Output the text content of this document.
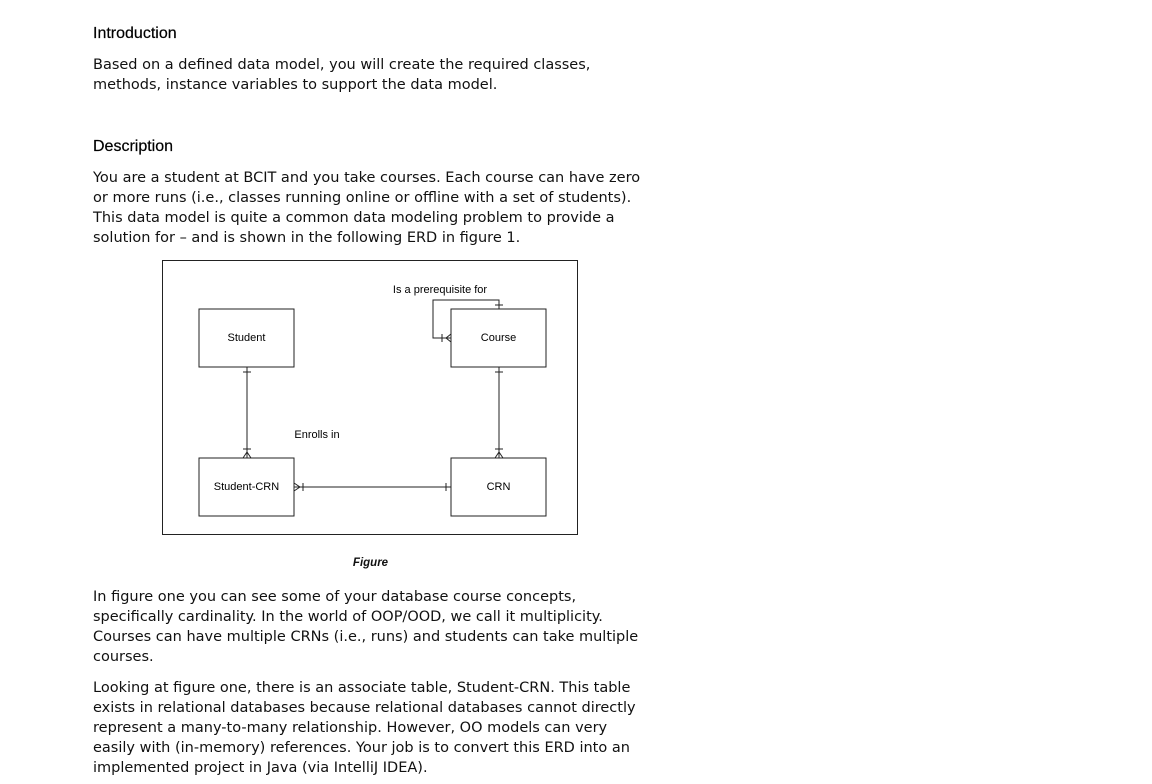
Introduction

Based on a defined data model, you will create the required classes, methods, instance variables to support the data model.

Description

You are a student at BCIT and you take courses. Each course can have zero or more runs (i.e., classes running online or offline with a set of students). This data model is quite a common data modeling problem to provide a solution for – and is shown in the following ERD in figure 1.

Student	Course
Student-CRN	CRN
Is a prerequisite for
Enrolls in
Figure

In figure one you can see some of your database course concepts, specifically cardinality. In the world of OOP/OOD, we call it multiplicity. Courses can have multiple CRNs (i.e., runs) and students can take multiple courses.

Looking at figure one, there is an associate table, Student-CRN. This table exists in relational databases because relational databases cannot directly represent a many-to-many relationship. However, OO models can very easily with (in-memory) references. Your job is to convert this ERD into an implemented project in Java (via IntelliJ IDEA).
